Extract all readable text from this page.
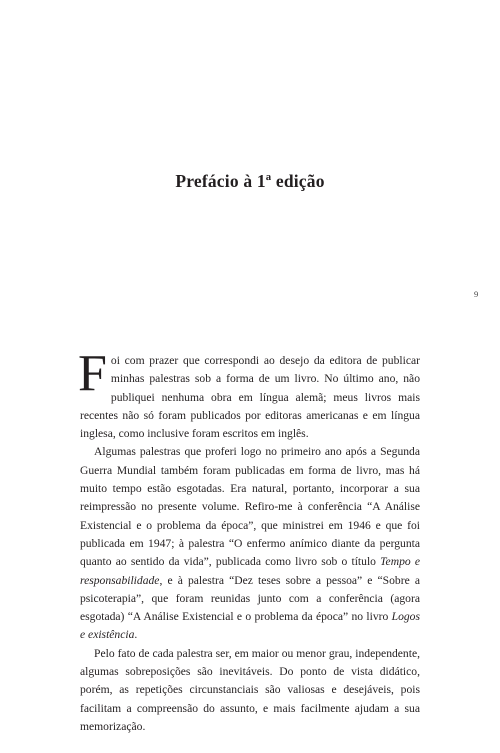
Prefácio à 1ª edição
9

Foi com prazer que correspondi ao desejo da editora de publicar minhas palestras sob a forma de um livro. No último ano, não publiquei nenhuma obra em língua alemã; meus livros mais recentes não só foram publicados por editoras americanas e em língua inglesa, como inclusive foram escritos em inglês.

Algumas palestras que proferi logo no primeiro ano após a Segunda Guerra Mundial também foram publicadas em forma de livro, mas há muito tempo estão esgotadas. Era natural, portanto, incorporar a sua reimpressão no presente volume. Refiro-me à conferência “A Análise Existencial e o problema da época”, que ministrei em 1946 e que foi publicada em 1947; à palestra “O enfermo anímico diante da pergunta quanto ao sentido da vida”, publicada como livro sob o título Tempo e responsabilidade, e à palestra “Dez teses sobre a pessoa” e “Sobre a psicoterapia”, que foram reunidas junto com a conferência (agora esgotada) “A Análise Existencial e o problema da época” no livro Logos e existência.

Pelo fato de cada palestra ser, em maior ou menor grau, independente, algumas sobreposições são inevitáveis. Do ponto de vista didático, porém, as repetições circunstanciais são valiosas e desejáveis, pois facilitam a compreensão do assunto, e mais facilmente ajudam a sua memorização.
